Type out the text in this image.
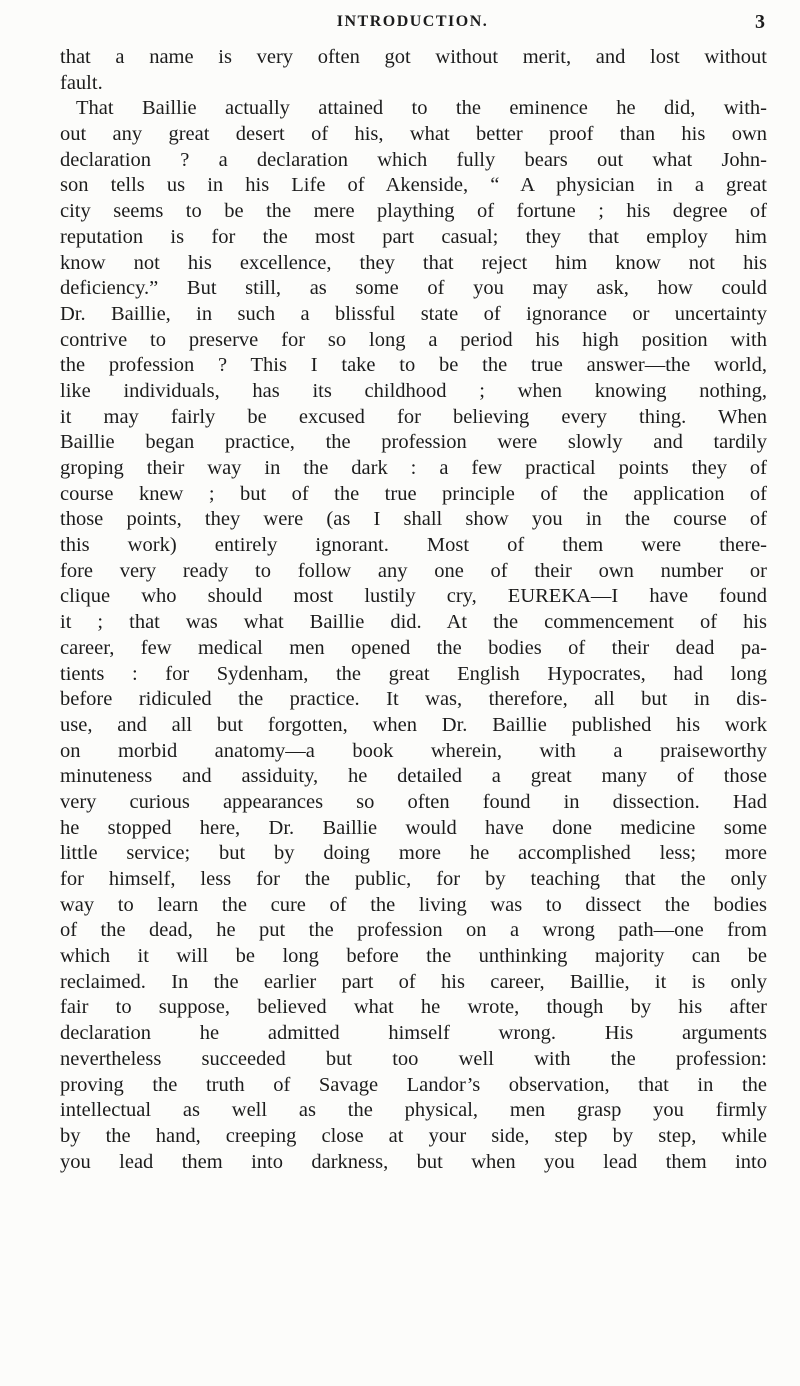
INTRODUCTION.	3
that a name is very often got without merit, and lost without
fault.
That Baillie actually attained to the eminence he did, with-
out any great desert of his, what better proof than his own
declaration ? a declaration which fully bears out what John-
son tells us in his Life of Akenside, “ A physician in a great
city seems to be the mere plaything of fortune ; his degree of
reputation is for the most part casual; they that employ him
know not his excellence, they that reject him know not his
deficiency.” But still, as some of you may ask, how could
Dr. Baillie, in such a blissful state of ignorance or uncertainty
contrive to preserve for so long a period his high position with
the profession ? This I take to be the true answer—the world,
like individuals, has its childhood ; when knowing nothing,
it may fairly be excused for believing every thing. When
Baillie began practice, the profession were slowly and tardily
groping their way in the dark : a few practical points they of
course knew ; but of the true principle of the application of
those points, they were (as I shall show you in the course of
this work) entirely ignorant. Most of them were there-
fore very ready to follow any one of their own number or
clique who should most lustily cry, EUREKA—I have found
it ; that was what Baillie did. At the commencement of his
career, few medical men opened the bodies of their dead pa-
tients : for Sydenham, the great English Hypocrates, had long
before ridiculed the practice. It was, therefore, all but in dis-
use, and all but forgotten, when Dr. Baillie published his work
on morbid anatomy—a book wherein, with a praiseworthy
minuteness and assiduity, he detailed a great many of those
very curious appearances so often found in dissection. Had
he stopped here, Dr. Baillie would have done medicine some
little service; but by doing more he accomplished less; more
for himself, less for the public, for by teaching that the only
way to learn the cure of the living was to dissect the bodies
of the dead, he put the profession on a wrong path—one from
which it will be long before the unthinking majority can be
reclaimed. In the earlier part of his career, Baillie, it is only
fair to suppose, believed what he wrote, though by his after
declaration he admitted himself wrong. His arguments
nevertheless succeeded but too well with the profession:
proving the truth of Savage Landor’s observation, that in the
intellectual as well as the physical, men grasp you firmly
by the hand, creeping close at your side, step by step, while
you lead them into darkness, but when you lead them into
